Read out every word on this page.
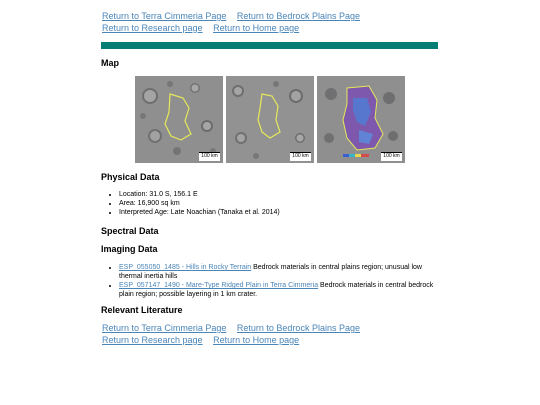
Return to Terra Cimmeria Page Return to Bedrock Plains Page
Return to Research page Return to Home page
Map
100 km	100 km	100 km
Physical Data
• Location: 31.0 S, 156.1 E
• Area: 16,900 sq km
• Interpreted Age: Late Noachian (Tanaka et al. 2014)
Spectral Data
Imaging Data
• ESP_055050_1485 - Hills in Rocky Terrain Bedrock materials in central plains region; unusual low thermal inertia hills
• ESP_057147_1490 - Mare-Type Ridged Plain in Terra Cimmeria Bedrock materials in central bedrock plain region; possible layering in 1 km crater.
Relevant Literature
Return to Terra Cimmeria Page Return to Bedrock Plains Page
Return to Research page Return to Home page
